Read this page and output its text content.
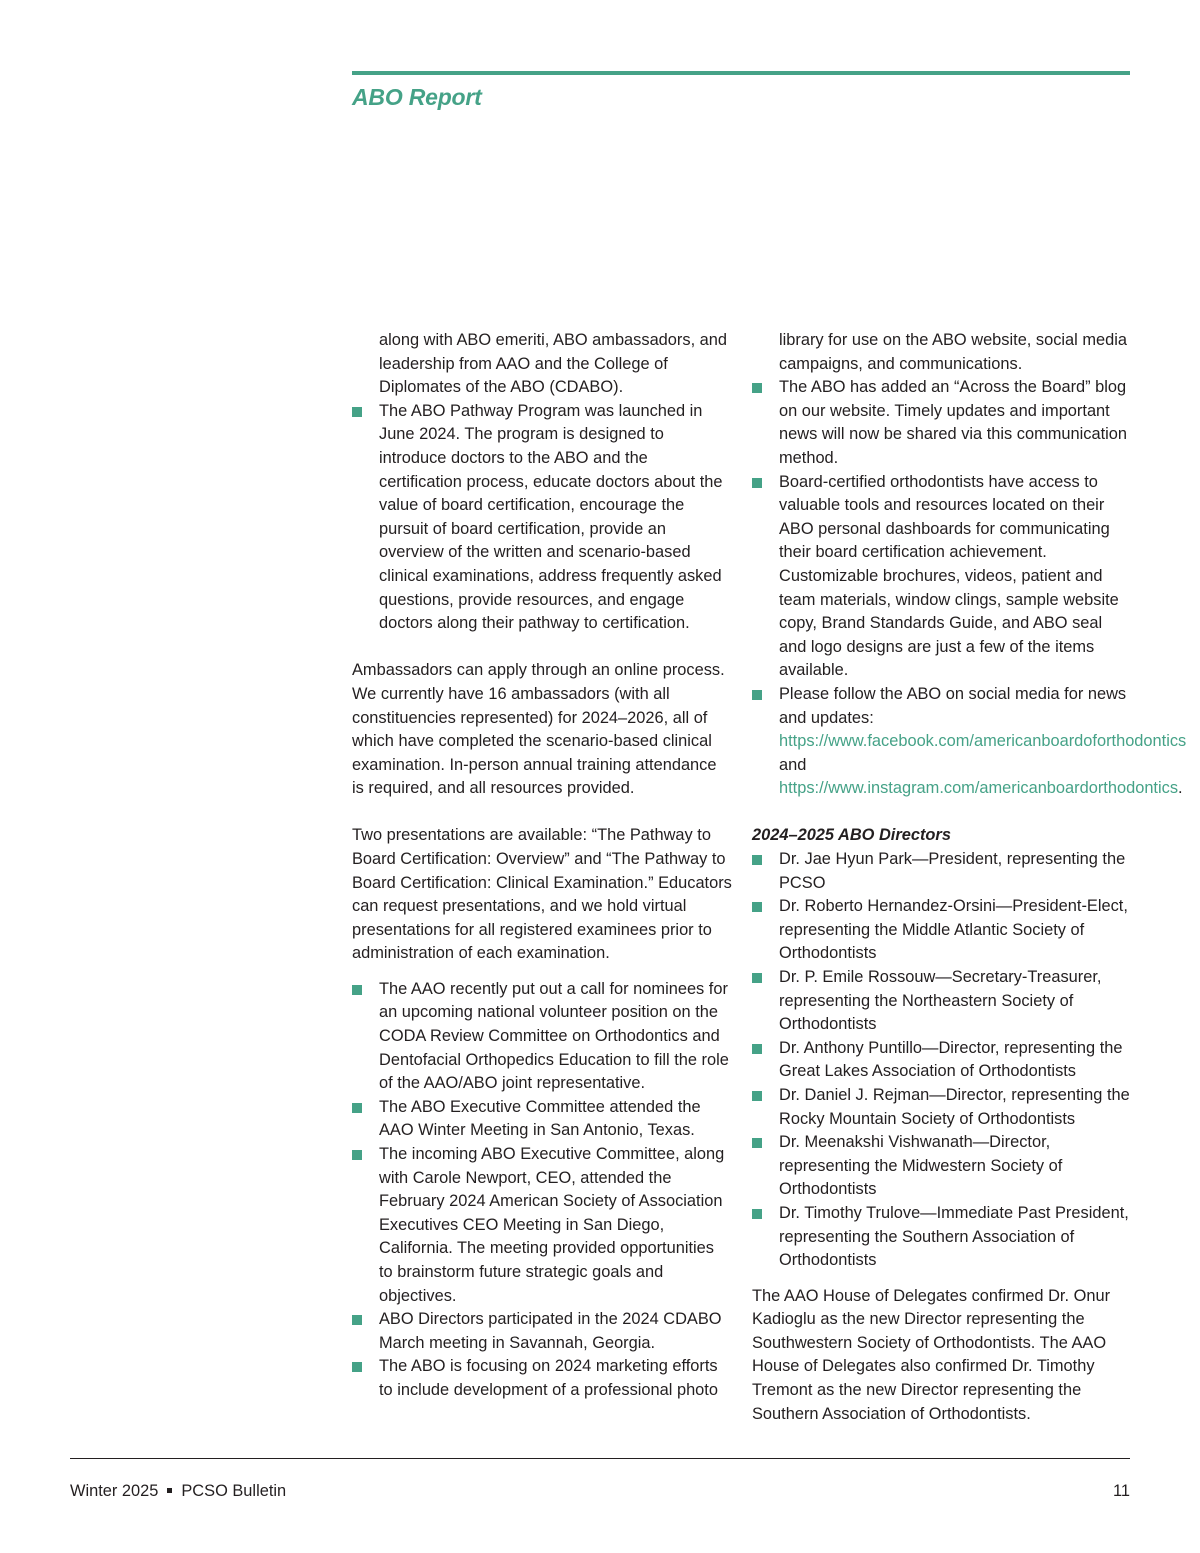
ABO Report
along with ABO emeriti, ABO ambassadors, and leadership from AAO and the College of Diplomates of the ABO (CDABO).
The ABO Pathway Program was launched in June 2024. The program is designed to introduce doctors to the ABO and the certification process, educate doctors about the value of board certification, encourage the pursuit of board certification, provide an overview of the written and scenario-based clinical examinations, address frequently asked questions, provide resources, and engage doctors along their pathway to certification.

Ambassadors can apply through an online process. We currently have 16 ambassadors (with all constituencies represented) for 2024–2026, all of which have completed the scenario-based clinical examination. In-person annual training attendance is required, and all resources provided.

Two presentations are available: “The Pathway to Board Certification: Overview” and “The Pathway to Board Certification: Clinical Examination.” Educators can request presentations, and we hold virtual presentations for all registered examinees prior to administration of each examination.

The AAO recently put out a call for nominees for an upcoming national volunteer position on the CODA Review Committee on Orthodontics and Dentofacial Orthopedics Education to fill the role of the AAO/ABO joint representative.
The ABO Executive Committee attended the AAO Winter Meeting in San Antonio, Texas.
The incoming ABO Executive Committee, along with Carole Newport, CEO, attended the February 2024 American Society of Association Executives CEO Meeting in San Diego, California. The meeting provided opportunities to brainstorm future strategic goals and objectives.
ABO Directors participated in the 2024 CDABO March meeting in Savannah, Georgia.
The ABO is focusing on 2024 marketing efforts to include development of a professional photo
library for use on the ABO website, social media campaigns, and communications.
The ABO has added an “Across the Board” blog on our website. Timely updates and important news will now be shared via this communication method.
Board-certified orthodontists have access to valuable tools and resources located on their ABO personal dashboards for communicating their board certification achievement. Customizable brochures, videos, patient and team materials, window clings, sample website copy, Brand Standards Guide, and ABO seal and logo designs are just a few of the items available.
Please follow the ABO on social media for news and updates:
https://www.facebook.com/americanboardoforthodontics and https://www.instagram.com/americanboardorthodontics.
2024–2025 ABO Directors
Dr. Jae Hyun Park—President, representing the PCSO
Dr. Roberto Hernandez-Orsini—President-Elect, representing the Middle Atlantic Society of Orthodontists
Dr. P. Emile Rossouw—Secretary-Treasurer, representing the Northeastern Society of Orthodontists
Dr. Anthony Puntillo—Director, representing the Great Lakes Association of Orthodontists
Dr. Daniel J. Rejman—Director, representing the Rocky Mountain Society of Orthodontists
Dr. Meenakshi Vishwanath—Director, representing the Midwestern Society of Orthodontists
Dr. Timothy Trulove—Immediate Past President, representing the Southern Association of Orthodontists

The AAO House of Delegates confirmed Dr. Onur Kadioglu as the new Director representing the Southwestern Society of Orthodontists. The AAO House of Delegates also confirmed Dr. Timothy Tremont as the new Director representing the Southern Association of Orthodontists.

Winter 2025 PCSO Bulletin	11
